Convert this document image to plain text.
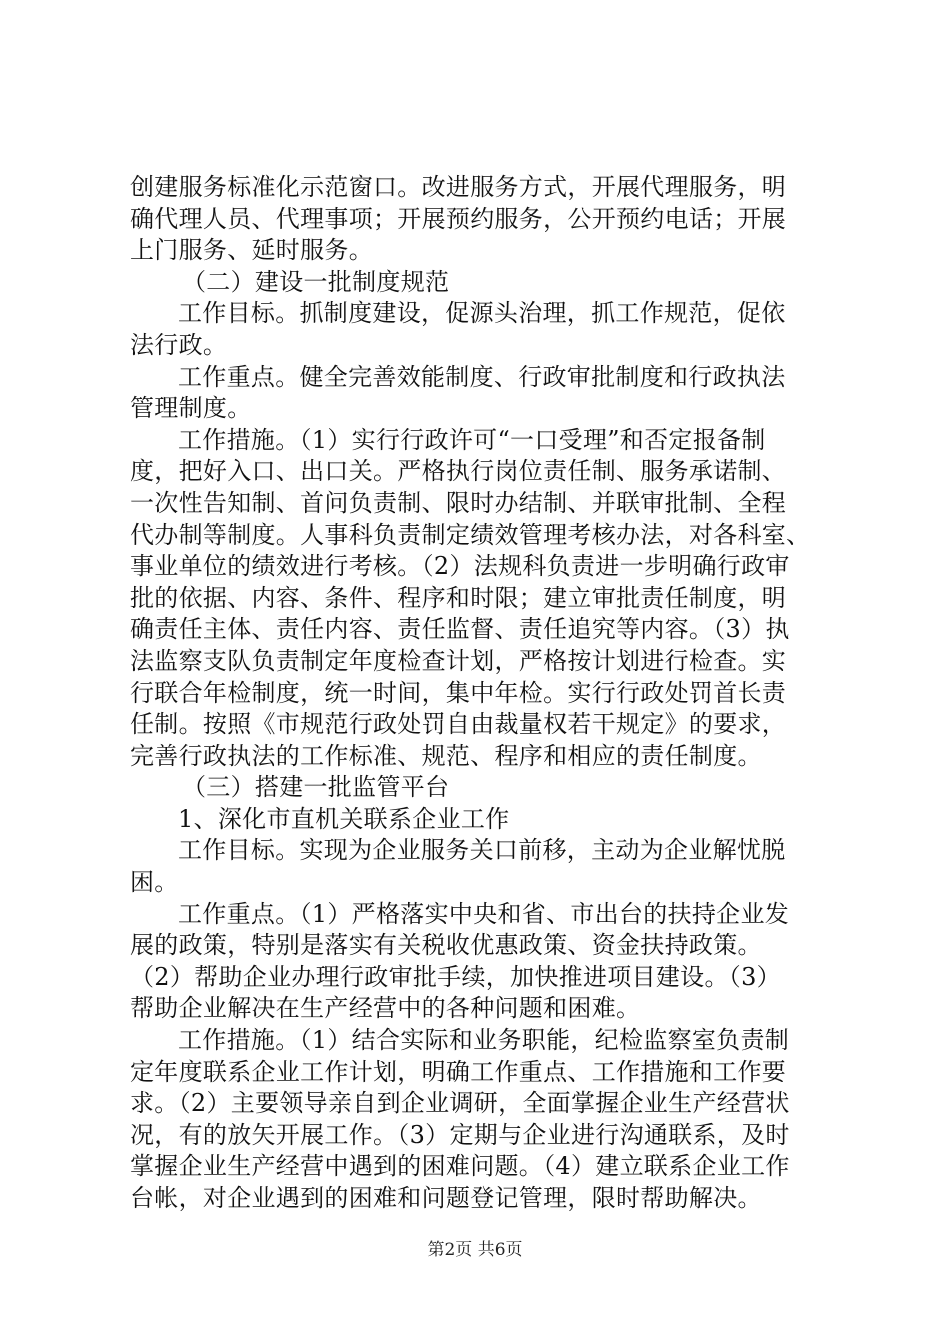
创建服务标准化示范窗口。改进服务方式，开展代理服务，明
确代理人员、代理事项；开展预约服务，公开预约电话；开展
上门服务、延时服务。
（二）建设一批制度规范
工作目标。抓制度建设，促源头治理，抓工作规范，促依
法行政。
工作重点。健全完善效能制度、行政审批制度和行政执法
管理制度。
工作措施。（1）实行行政许可“一口受理”和否定报备制
度，把好入口、出口关。严格执行岗位责任制、服务承诺制、
一次性告知制、首问负责制、限时办结制、并联审批制、全程
代办制等制度。人事科负责制定绩效管理考核办法，对各科室、
事业单位的绩效进行考核。（2）法规科负责进一步明确行政审
批的依据、内容、条件、程序和时限；建立审批责任制度，明
确责任主体、责任内容、责任监督、责任追究等内容。（3）执
法监察支队负责制定年度检查计划，严格按计划进行检查。实
行联合年检制度，统一时间，集中年检。实行行政处罚首长责
任制。按照《市规范行政处罚自由裁量权若干规定》的要求，
完善行政执法的工作标准、规范、程序和相应的责任制度。
（三）搭建一批监管平台
1、深化市直机关联系企业工作
工作目标。实现为企业服务关口前移，主动为企业解忧脱
困。
工作重点。（1）严格落实中央和省、市出台的扶持企业发
展的政策，特别是落实有关税收优惠政策、资金扶持政策。
（2）帮助企业办理行政审批手续，加快推进项目建设。（3）
帮助企业解决在生产经营中的各种问题和困难。
工作措施。（1）结合实际和业务职能，纪检监察室负责制
定年度联系企业工作计划，明确工作重点、工作措施和工作要
求。（2）主要领导亲自到企业调研，全面掌握企业生产经营状
况，有的放矢开展工作。（3）定期与企业进行沟通联系，及时
掌握企业生产经营中遇到的困难问题。（4）建立联系企业工作
台帐，对企业遇到的困难和问题登记管理，限时帮助解决。
第2页 共6页
